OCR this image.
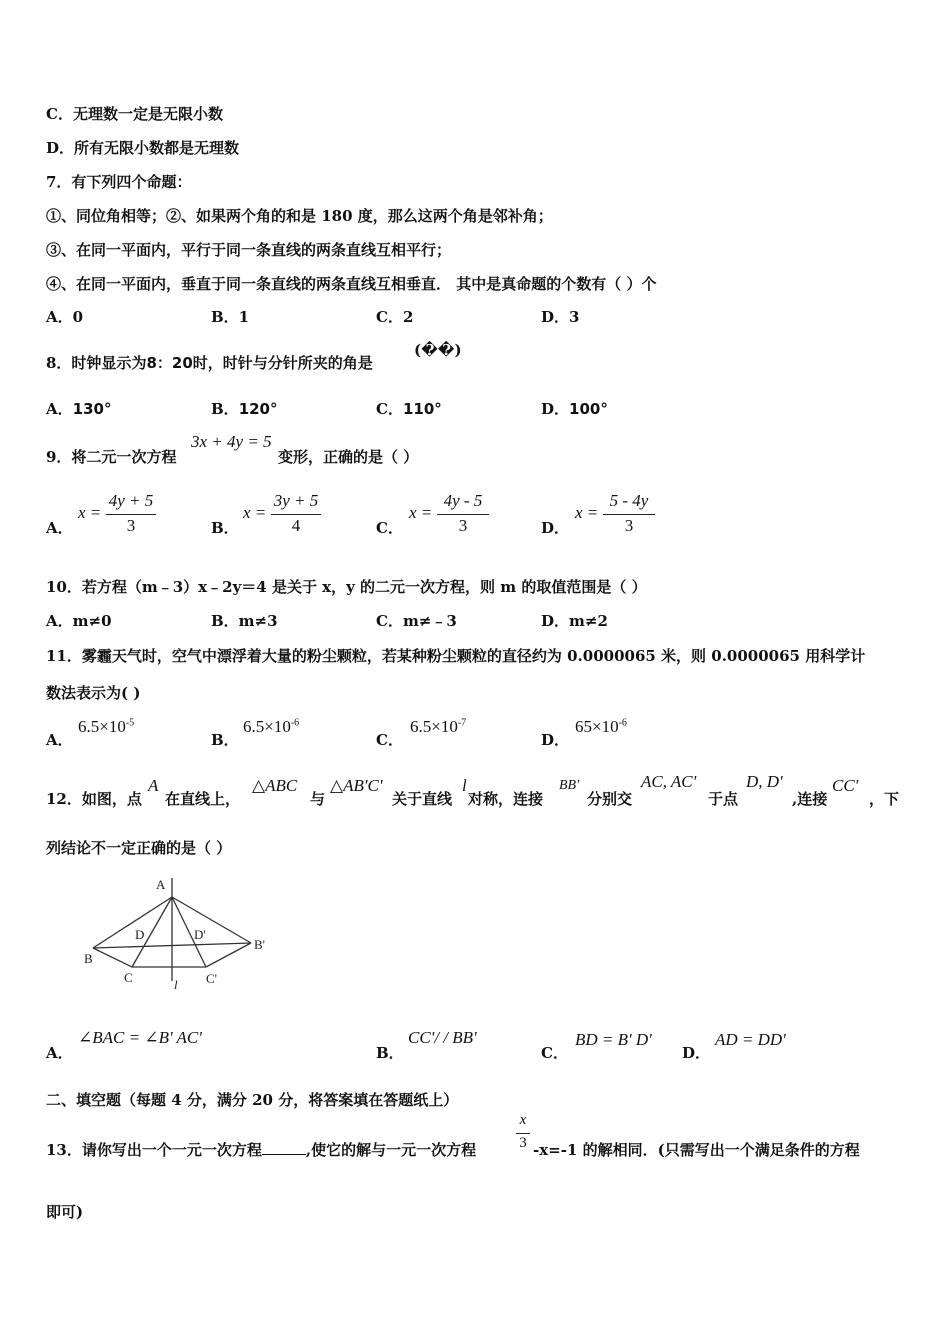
C．无理数一定是无限小数
D．所有无限小数都是无理数
7．有下列四个命题：
①、同位角相等；②、如果两个角的和是 180 度，那么这两个角是邻补角；
③、在同一平面内，平行于同一条直线的两条直线互相平行；
④、在同一平面内，垂直于同一条直线的两条直线互相垂直． 其中是真命题的个数有（ ）个
A．0	B．1	C．2	D．3
8．时钟显示为8：20时，时针与分针所夹的角是
(��)
A．130°	B．120°	C．110°	D．100°
9．将二元一次方程
3x + 4y = 5
变形，正确的是（ ）
A．
x =
4y + 5
3	B．
x =
3y + 5
4	C．
x =
4y - 5
3	D．
x =
5 - 4y
3
10．若方程（m﹣3）x﹣2y＝4 是关于 x，y 的二元一次方程，则 m 的取值范围是（ ）
A．m≠0	B．m≠3	C．m≠﹣3	D．m≠2
11．雾霾天气时，空气中漂浮着大量的粉尘颗粒，若某种粉尘颗粒的直径约为 0.0000065 米，则 0.0000065 用科学计
数法表示为( )
A．
$6.5\times 10^{-5}$
B．
$6.5\times 10^{-6}$
C．
$6.5\times 10^{-7}$
D．
$65\times 10^{-6}$
12．如图，点
A
在直线上，
△ABC
与
△AB'C'
关于直线
l
对称，连接
BB'
分别交
AC, AC'
于点
D, D'
,连接
CC'
，下
列结论不一定正确的是（ ）
A
B
C
D	D'
B'
C'
l
A．
∠BAC = ∠B' AC'
B．
CC'/ / BB'
C．
BD = B' D'
D．
AD = DD'
二、填空题（每题 4 分，满分 20 分，将答案填在答题纸上）
13．请你写出一个一元一次方程	,使它的解与一元一次方程
x
3 -x=-1 的解相同．(只需写出一个满足条件的方程
即可)
